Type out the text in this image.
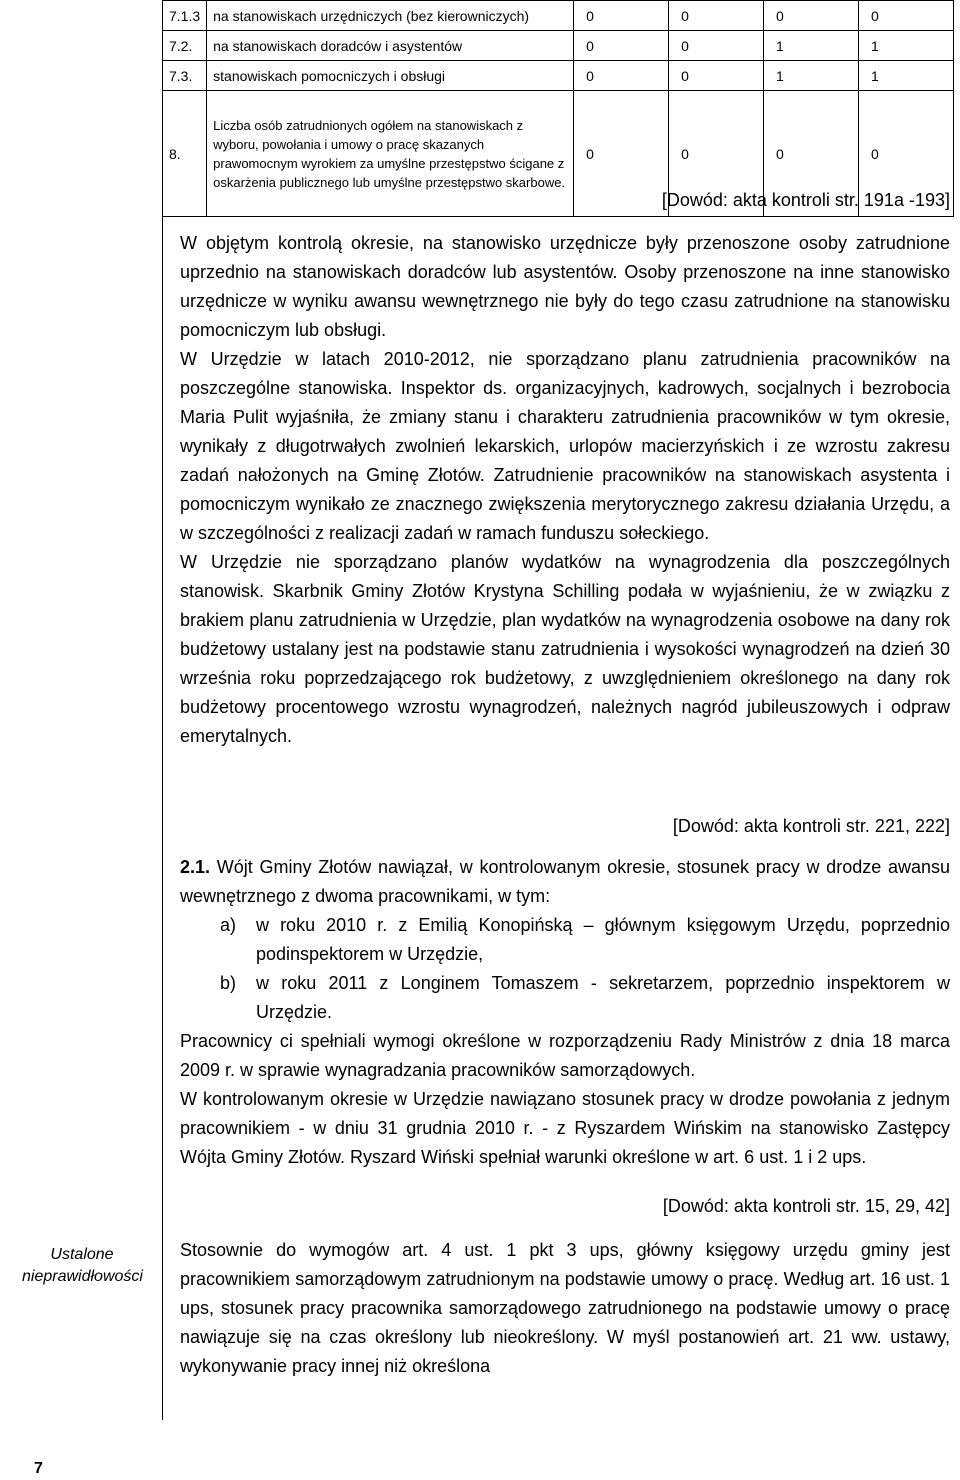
7.1.3	na stanowiskach urzędniczych (bez kierowniczych)	0	0	0	0
7.2.	na stanowiskach doradców i asystentów	0	0	1	1
7.3.	stanowiskach pomocniczych i obsługi	0	0	1	1
8.	Liczba osób zatrudnionych ogółem na stanowiskach z wyboru, powołania i umowy o pracę skazanych prawomocnym wyrokiem za umyślne przestępstwo ścigane z oskarżenia publicznego lub umyślne przestępstwo skarbowe.	0	0	0	0
[Dowód: akta kontroli str. 191a -193]

W objętym kontrolą okresie, na stanowisko urzędnicze były przenoszone osoby zatrudnione uprzednio na stanowiskach doradców lub asystentów. Osoby przenoszone na inne stanowisko urzędnicze w wyniku awansu wewnętrznego nie były do tego czasu zatrudnione na stanowisku pomocniczym lub obsługi.

W Urzędzie w latach 2010-2012, nie sporządzano planu zatrudnienia pracowników na poszczególne stanowiska. Inspektor ds. organizacyjnych, kadrowych, socjalnych i bezrobocia Maria Pulit wyjaśniła, że zmiany stanu i charakteru zatrudnienia pracowników w tym okresie, wynikały z długotrwałych zwolnień lekarskich, urlopów macierzyńskich i ze wzrostu zakresu zadań nałożonych na Gminę Złotów. Zatrudnienie pracowników na stanowiskach asystenta i pomocniczym wynikało ze znacznego zwiększenia merytorycznego zakresu działania Urzędu, a w szczególności z realizacji zadań w ramach funduszu sołeckiego.

W Urzędzie nie sporządzano planów wydatków na wynagrodzenia dla poszczególnych stanowisk. Skarbnik Gminy Złotów Krystyna Schilling podała w wyjaśnieniu, że w związku z brakiem planu zatrudnienia w Urzędzie, plan wydatków na wynagrodzenia osobowe na dany rok budżetowy ustalany jest na podstawie stanu zatrudnienia i wysokości wynagrodzeń na dzień 30 września roku poprzedzającego rok budżetowy, z uwzględnieniem określonego na dany rok budżetowy procentowego wzrostu wynagrodzeń, należnych nagród jubileuszowych i odpraw emerytalnych.

[Dowód: akta kontroli str. 221, 222]

2.1. Wójt Gminy Złotów nawiązał, w kontrolowanym okresie, stosunek pracy w drodze awansu wewnętrznego z dwoma pracownikami, w tym:

a) w roku 2010 r. z Emilią Konopińską – głównym księgowym Urzędu, poprzednio podinspektorem w Urzędzie,
b) w roku 2011 z Longinem Tomaszem - sekretarzem, poprzednio inspektorem w Urzędzie.

Pracownicy ci spełniali wymogi określone w rozporządzeniu Rady Ministrów z dnia 18 marca 2009 r. w sprawie wynagradzania pracowników samorządowych.

W kontrolowanym okresie w Urzędzie nawiązano stosunek pracy w drodze powołania z jednym pracownikiem - w dniu 31 grudnia 2010 r. - z Ryszardem Wińskim na stanowisko Zastępcy Wójta Gminy Złotów. Ryszard Wiński spełniał warunki określone w art. 6 ust. 1 i 2 ups.

[Dowód: akta kontroli str. 15, 29, 42]
Ustalone nieprawidłowości

Stosownie do wymogów art. 4 ust. 1 pkt 3 ups, główny księgowy urzędu gminy jest pracownikiem samorządowym zatrudnionym na podstawie umowy o pracę. Według art. 16 ust. 1 ups, stosunek pracy pracownika samorządowego zatrudnionego na podstawie umowy o pracę nawiązuje się na czas określony lub nieokreślony. W myśl postanowień art. 21 ww. ustawy, wykonywanie pracy innej niż określona

7
